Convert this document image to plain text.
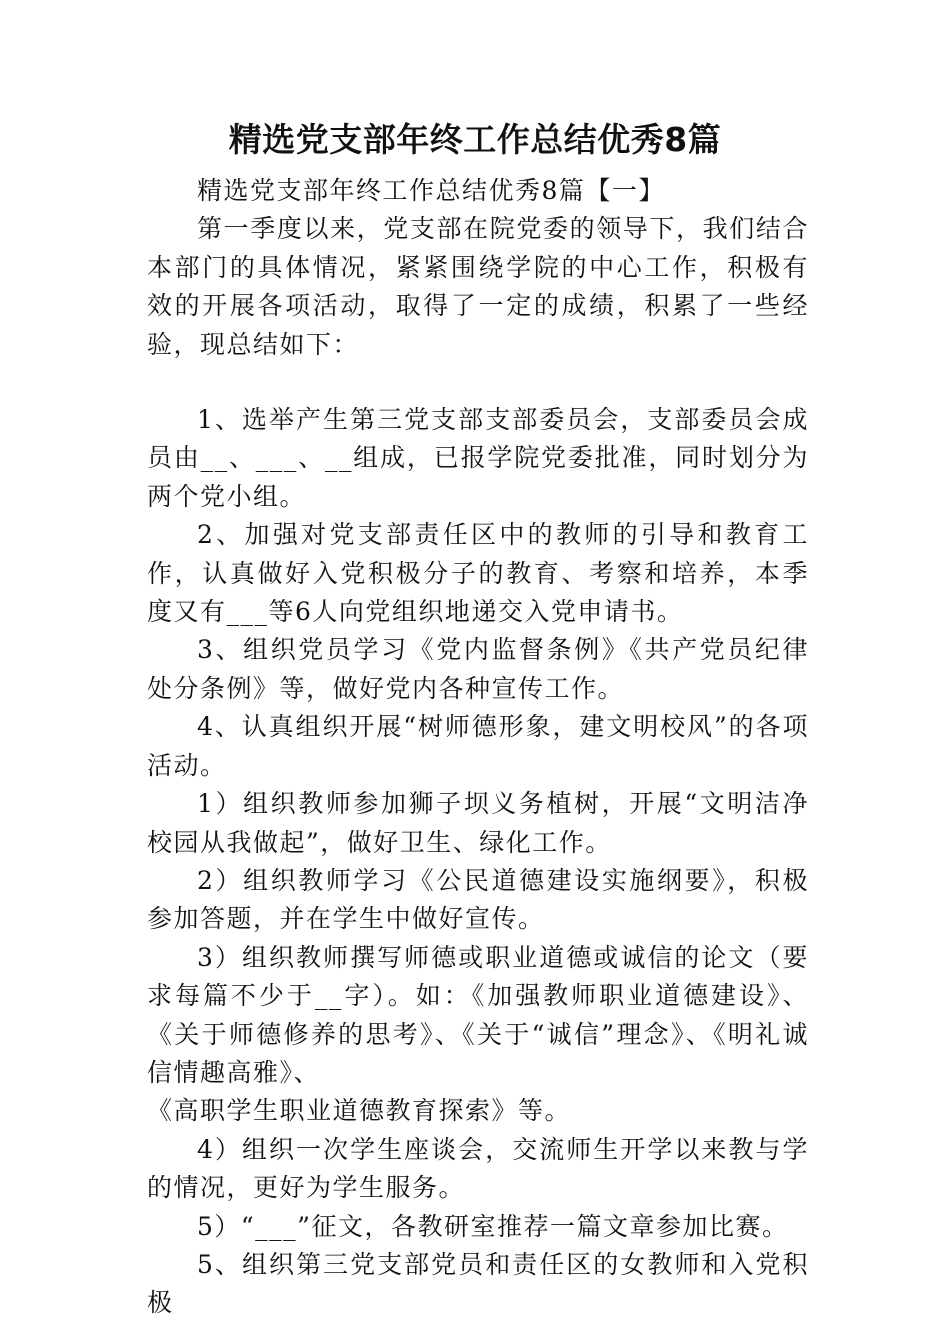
精选党支部年终工作总结优秀8篇

精选党支部年终工作总结优秀8篇【一】

第一季度以来，党支部在院党委的领导下，我们结合本部门的具体情况，紧紧围绕学院的中心工作，积极有效的开展各项活动，取得了一定的成绩，积累了一些经验，现总结如下：

1、选举产生第三党支部支部委员会，支部委员会成员由__、___、__组成，已报学院党委批准，同时划分为两个党小组。

2、加强对党支部责任区中的教师的引导和教育工作，认真做好入党积极分子的教育、考察和培养，本季度又有___等6人向党组织地递交入党申请书。

3、组织党员学习《党内监督条例》《共产党员纪律处分条例》等，做好党内各种宣传工作。

4、认真组织开展“树师德形象，建文明校风”的各项活动。

1）组织教师参加狮子坝义务植树，开展“文明洁净校园从我做起”，做好卫生、绿化工作。

2）组织教师学习《公民道德建设实施纲要》，积极参加答题，并在学生中做好宣传。

3）组织教师撰写师德或职业道德或诚信的论文（要求每篇不少于__字）。如：《加强教师职业道德建设》、《关于师德修养的思考》、《关于“诚信”理念》、《明礼诚信情趣高雅》、

《高职学生职业道德教育探索》等。

4）组织一次学生座谈会，交流师生开学以来教与学的情况，更好为学生服务。

5）“___”征文，各教研室推荐一篇文章参加比赛。

5、组织第三党支部党员和责任区的女教师和入党积极
